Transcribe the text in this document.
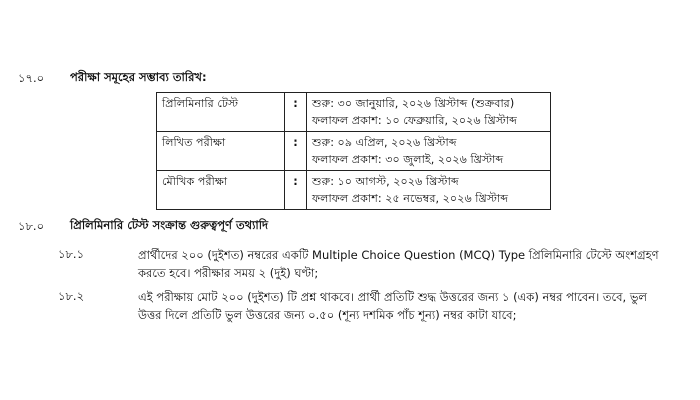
১৭.০ পরীক্ষা সমূহের সম্ভাব্য তারিখ:
প্রিলিমিনারি টেস্ট	:	শুরু: ৩০ জানুয়ারি, ২০২৬ খ্রিস্টাব্দ (শুক্রবার)
ফলাফল প্রকাশ: ১০ ফেব্রুয়ারি, ২০২৬ খ্রিস্টাব্দ

লিখিত পরীক্ষা	:	শুরু: ০৯ এপ্রিল, ২০২৬ খ্রিস্টাব্দ
ফলাফল প্রকাশ: ৩০ জুলাই, ২০২৬ খ্রিস্টাব্দ

মৌখিক পরীক্ষা	:	শুরু: ১০ আগস্ট, ২০২৬ খ্রিস্টাব্দ
ফলাফল প্রকাশ: ২৫ নভেম্বর, ২০২৬ খ্রিস্টাব্দ
১৮.০ প্রিলিমিনারি টেস্ট সংক্রান্ত গুরুত্বপূর্ণ তথ্যাদি
১৮.১	প্রার্থীদের ২০০ (দুইশত) নম্বরের একটি Multiple Choice Question (MCQ) Type প্রিলিমিনারি টেস্টে অংশগ্রহণ করতে হবে। পরীক্ষার সময় ২ (দুই) ঘণ্টা;
১৮.২	এই পরীক্ষায় মোট ২০০ (দুইশত) টি প্রশ্ন থাকবে। প্রার্থী প্রতিটি শুদ্ধ উত্তরের জন্য ১ (এক) নম্বর পাবেন। তবে, ভুল উত্তর দিলে প্রতিটি ভুল উত্তরের জন্য ০.৫০ (শূন্য দশমিক পাঁচ শূন্য) নম্বর কাটা যাবে;
